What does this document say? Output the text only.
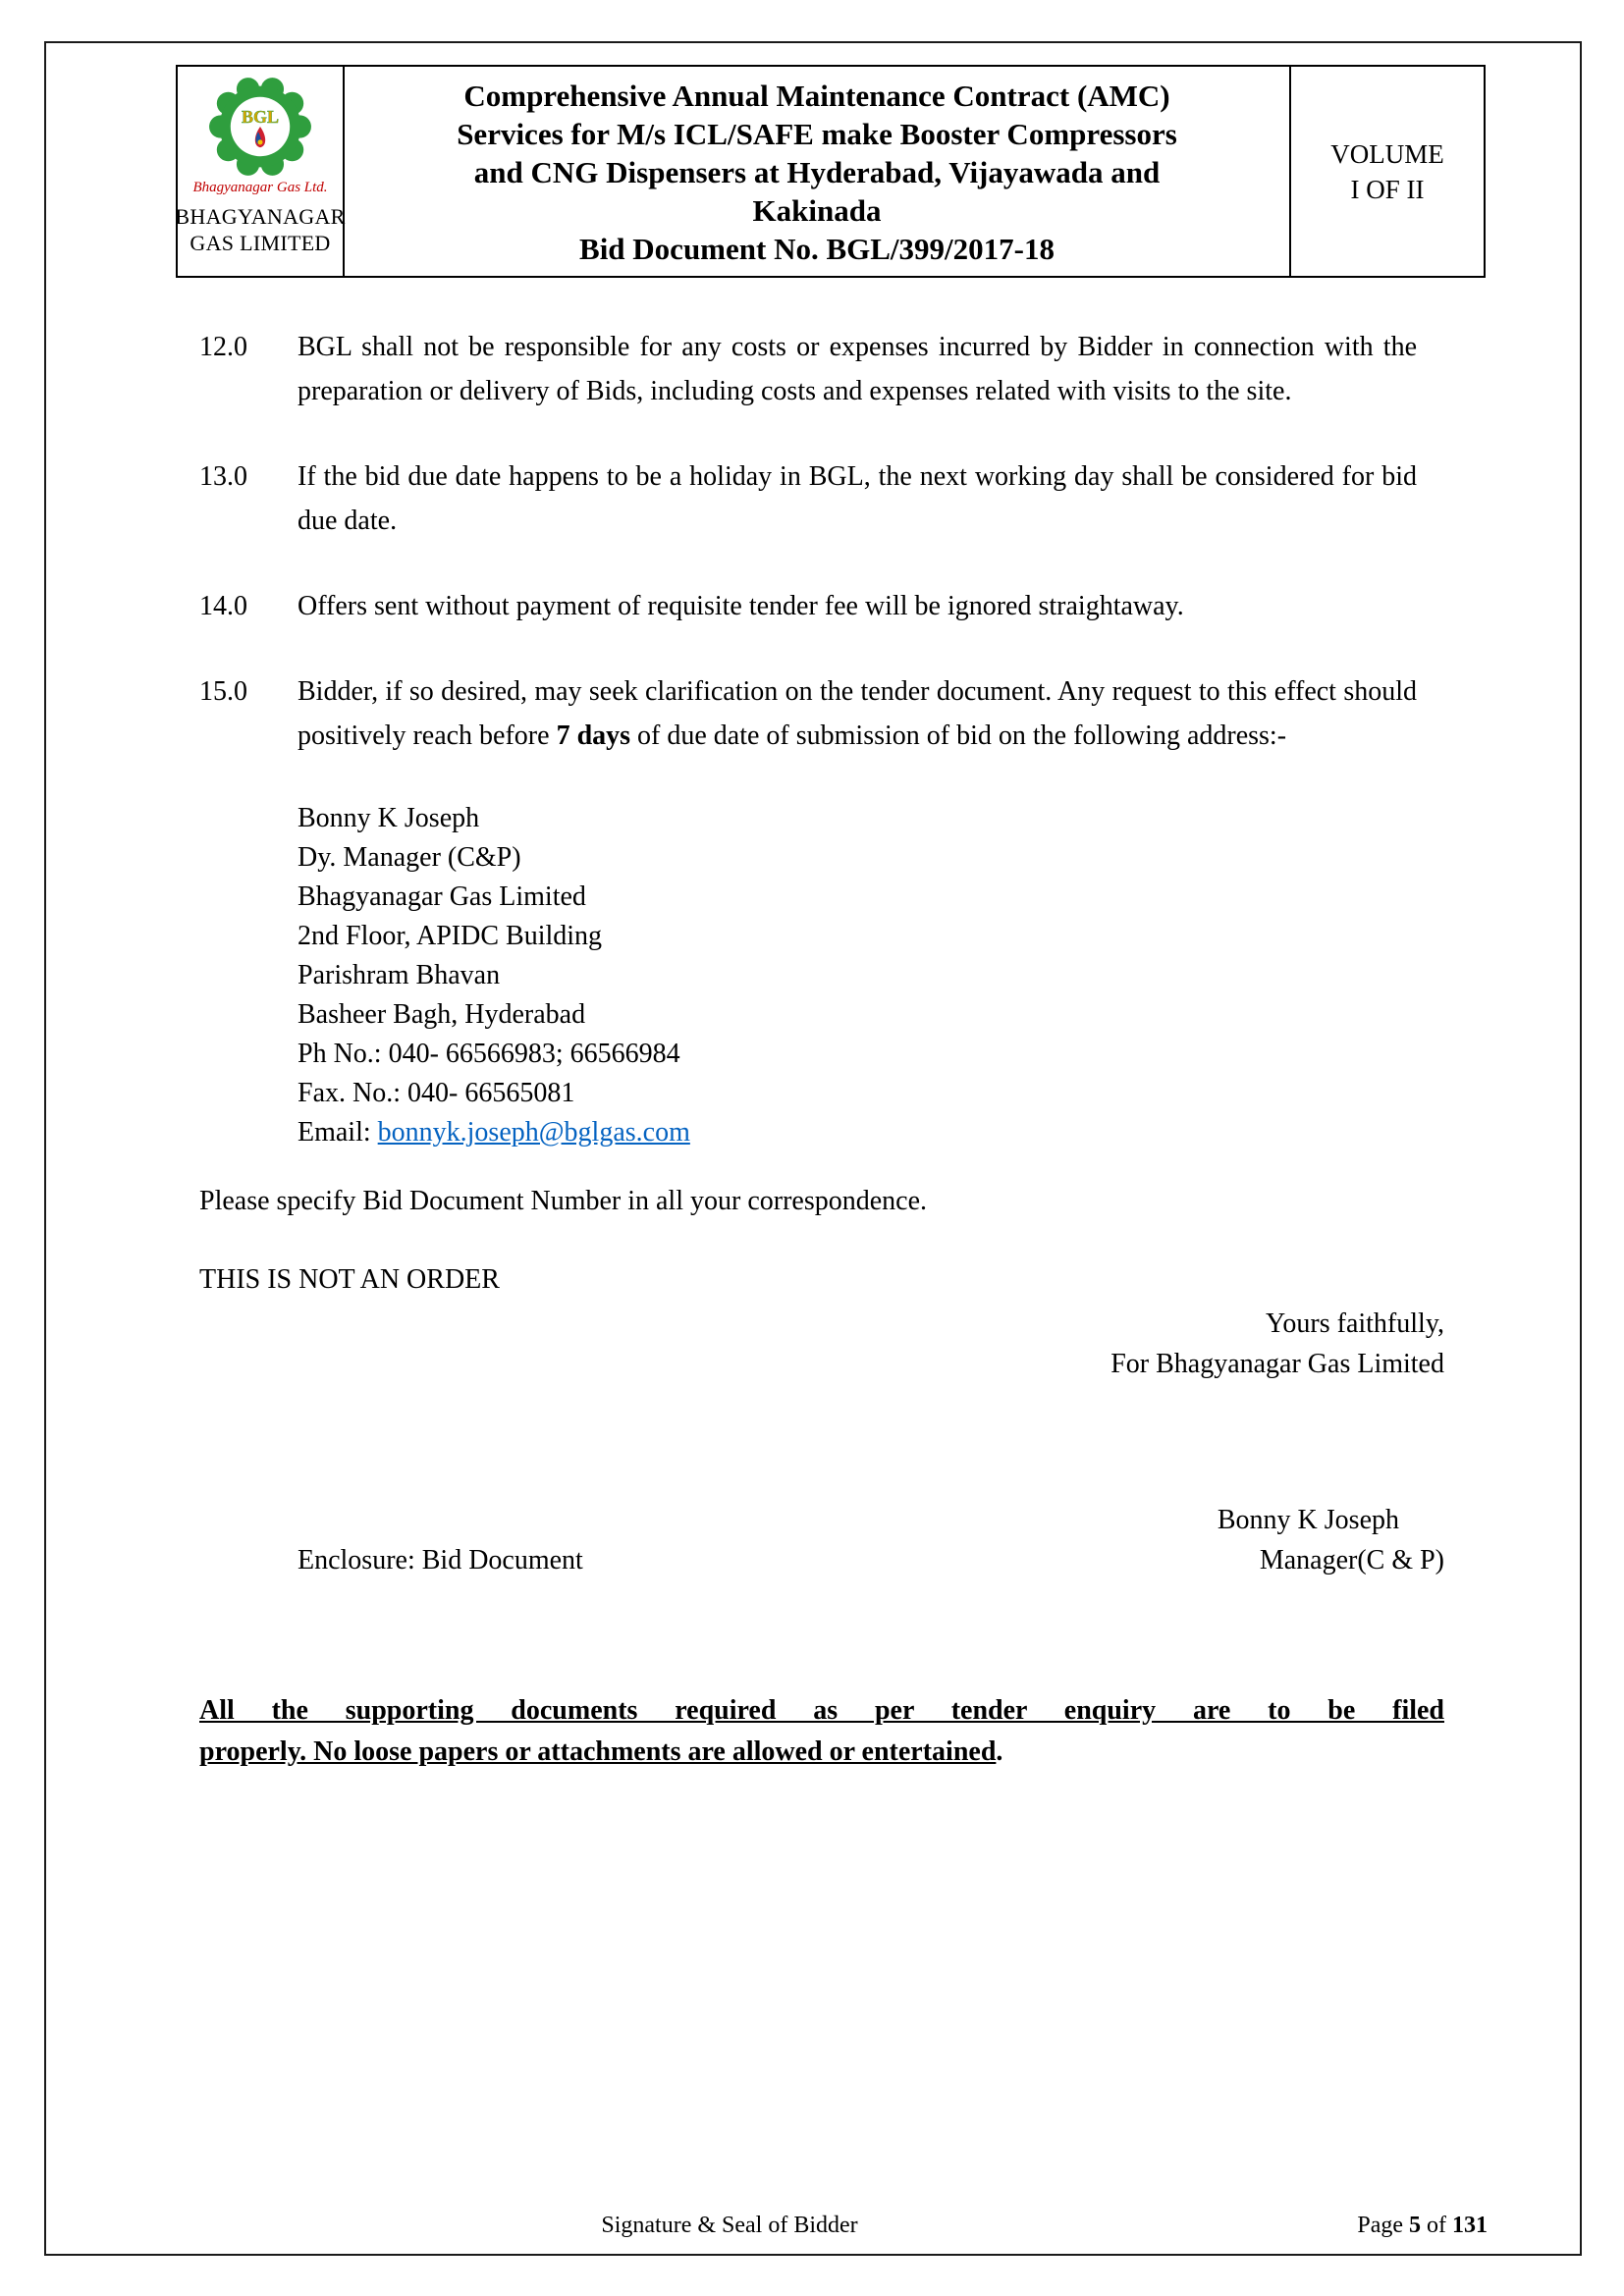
BGL
Bhagyanagar Gas Ltd.
BHAGYANAGAR
GAS LIMITED
Comprehensive Annual Maintenance Contract (AMC)
Services for M/s ICL/SAFE make Booster Compressors
and CNG Dispensers at Hyderabad, Vijayawada and
Kakinada
Bid Document No. BGL/399/2017-18
VOLUME
I OF II
12.0	BGL shall not be responsible for any costs or expenses incurred by Bidder in connection with the preparation or delivery of Bids, including costs and expenses related with visits to the site.
13.0	If the bid due date happens to be a holiday in BGL, the next working day shall be considered for bid due date.
14.0	Offers sent without payment of requisite tender fee will be ignored straightaway.
15.0	Bidder, if so desired, may seek clarification on the tender document. Any request to this effect should positively reach before 7 days of due date of submission of bid on the following address:-
Bonny K Joseph
Dy. Manager (C&P)
Bhagyanagar Gas Limited
2nd Floor, APIDC Building
Parishram Bhavan
Basheer Bagh, Hyderabad
Ph No.: 040- 66566983; 66566984
Fax. No.: 040- 66565081
Email: bonnyk.joseph@bglgas.com
Please specify Bid Document Number in all your correspondence.
THIS IS NOT AN ORDER
Yours faithfully,
For Bhagyanagar Gas Limited
Bonny K Joseph
Enclosure: Bid Document	Manager(C & P)
All the supporting documents required as per tender enquiry are to be filed
properly. No loose papers or attachments are allowed or entertained.
Signature & Seal of Bidder	Page 5 of 131
